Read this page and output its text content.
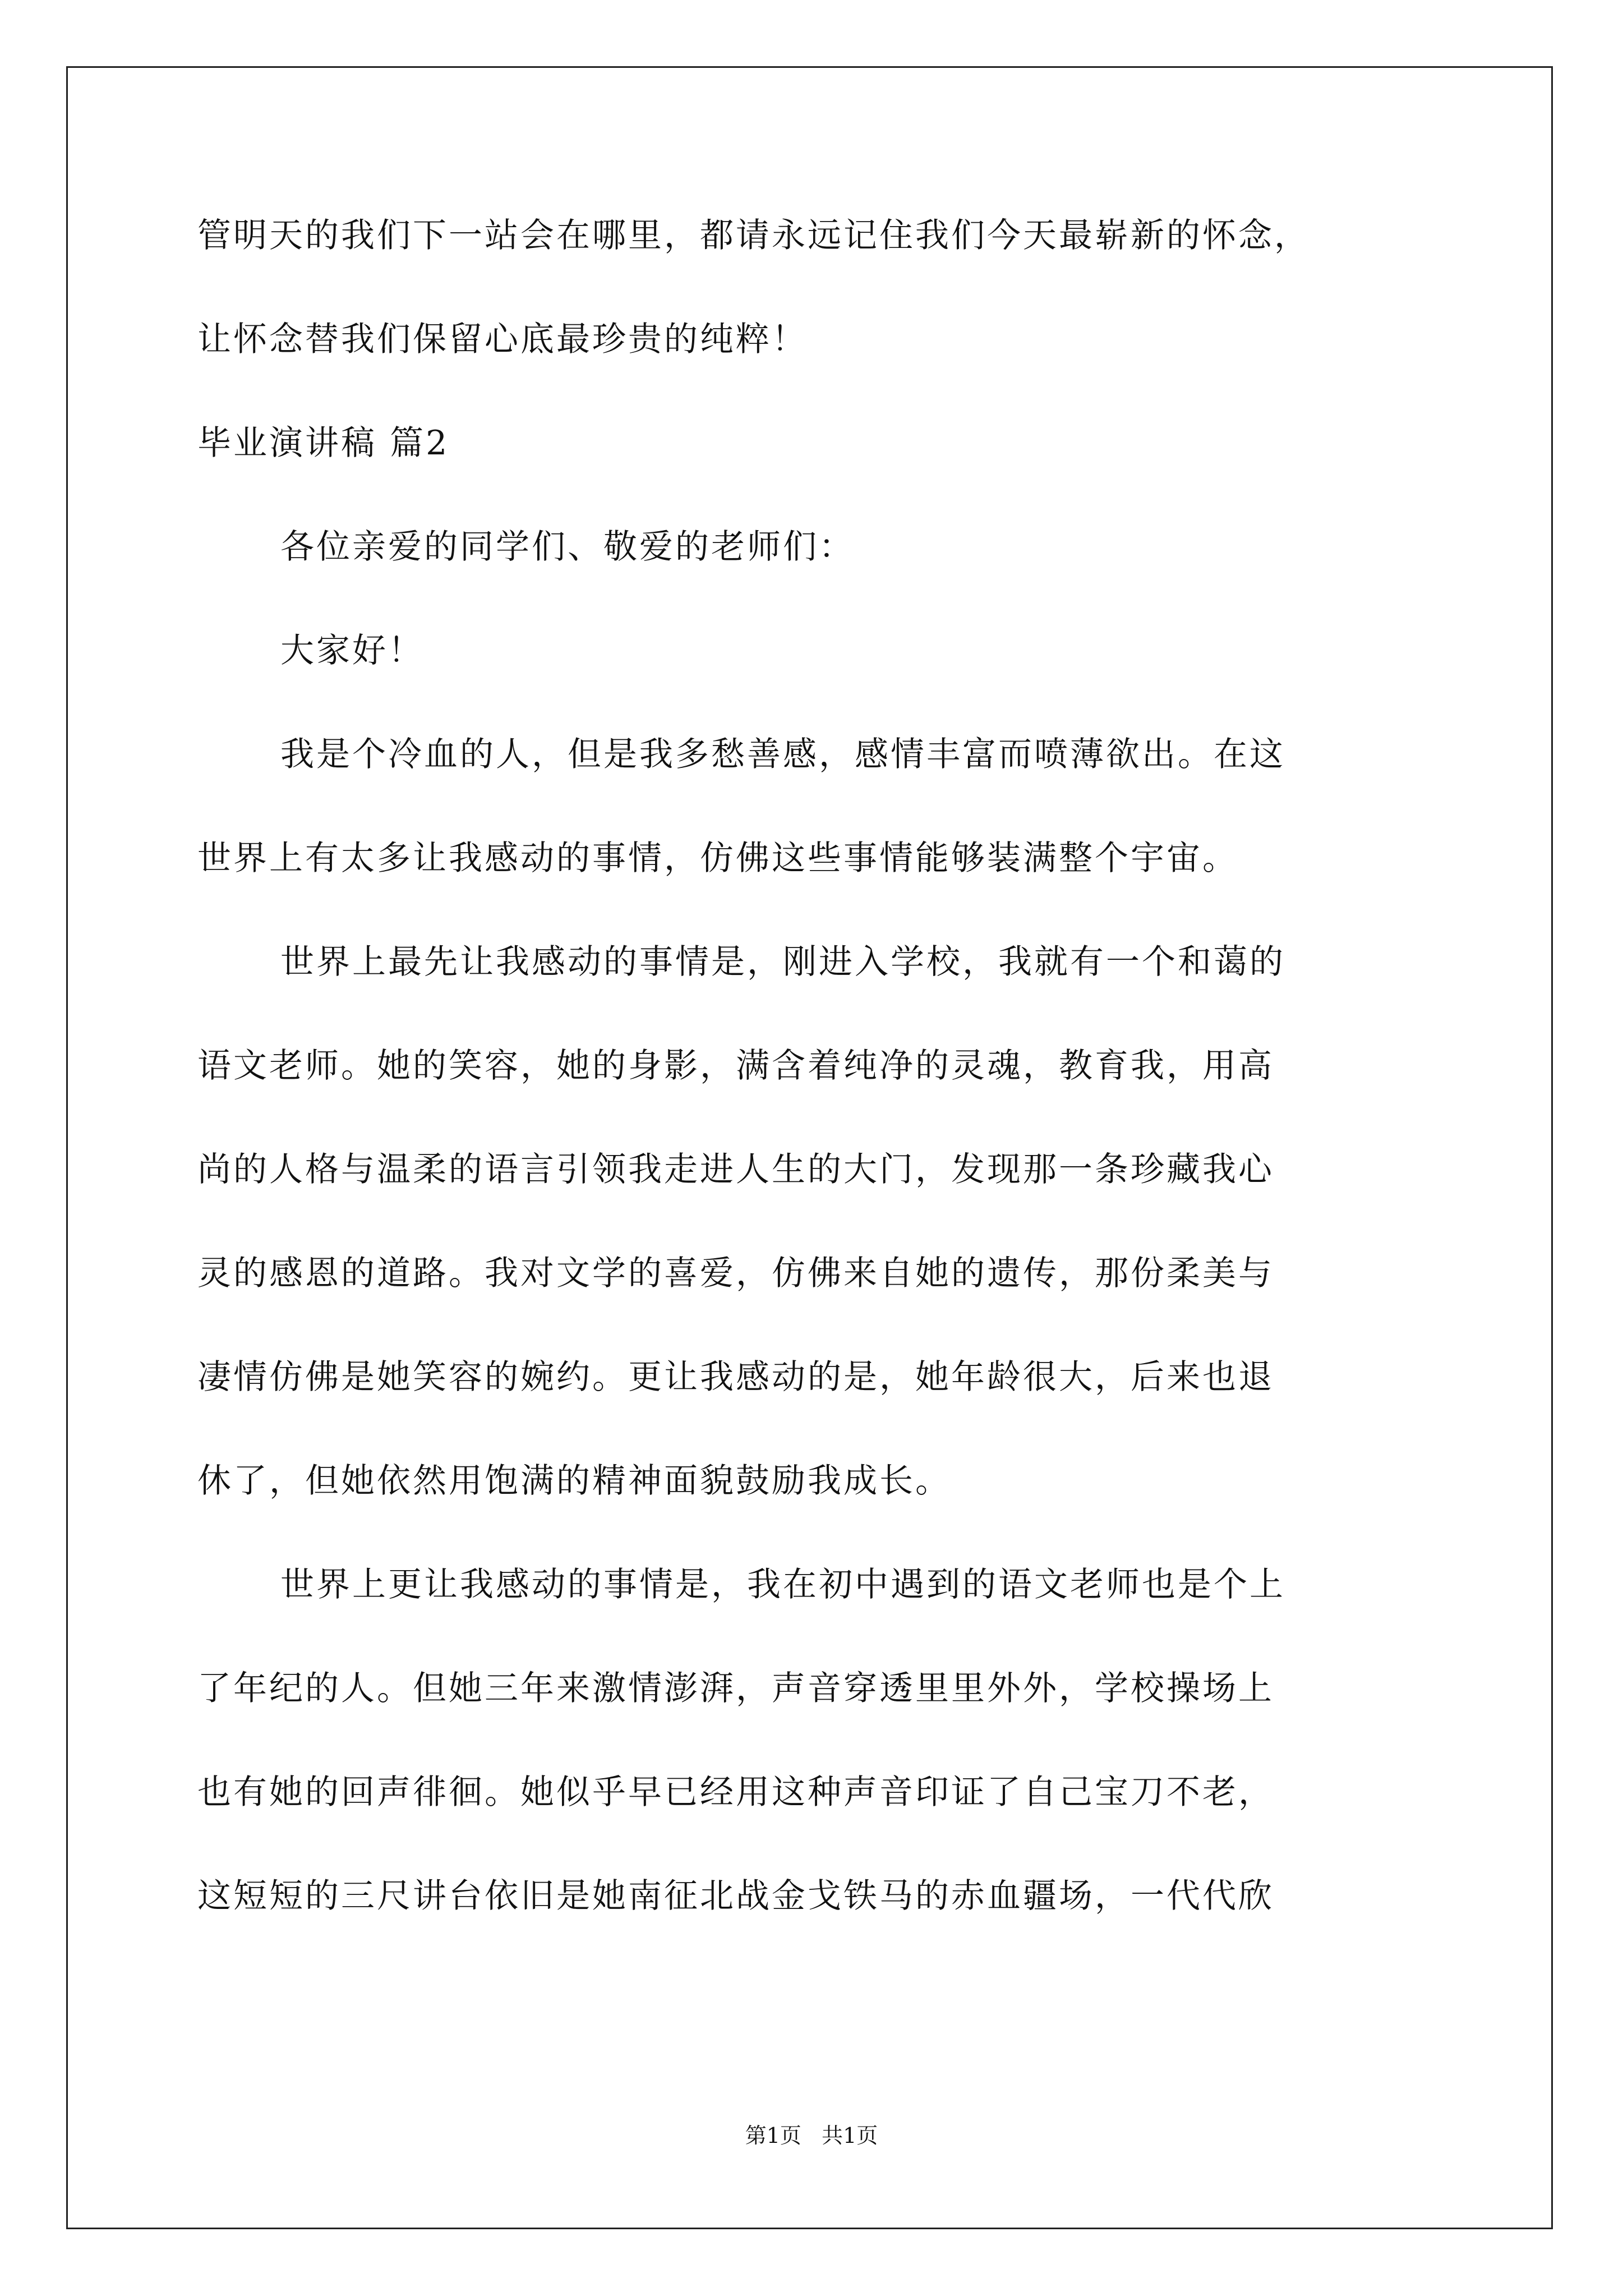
管明天的我们下一站会在哪里，都请永远记住我们今天最崭新的怀念，
让怀念替我们保留心底最珍贵的纯粹！
毕业演讲稿 篇2
各位亲爱的同学们、敬爱的老师们：
大家好！
我是个冷血的人，但是我多愁善感，感情丰富而喷薄欲出。在这
世界上有太多让我感动的事情，仿佛这些事情能够装满整个宇宙。
世界上最先让我感动的事情是，刚进入学校，我就有一个和蔼的
语文老师。她的笑容，她的身影，满含着纯净的灵魂，教育我，用高
尚的人格与温柔的语言引领我走进人生的大门，发现那一条珍藏我心
灵的感恩的道路。我对文学的喜爱，仿佛来自她的遗传，那份柔美与
凄情仿佛是她笑容的婉约。更让我感动的是，她年龄很大，后来也退
休了，但她依然用饱满的精神面貌鼓励我成长。
世界上更让我感动的事情是，我在初中遇到的语文老师也是个上
了年纪的人。但她三年来激情澎湃，声音穿透里里外外，学校操场上
也有她的回声徘徊。她似乎早已经用这种声音印证了自己宝刀不老，
这短短的三尺讲台依旧是她南征北战金戈铁马的赤血疆场，一代代欣
第1页   共1页
